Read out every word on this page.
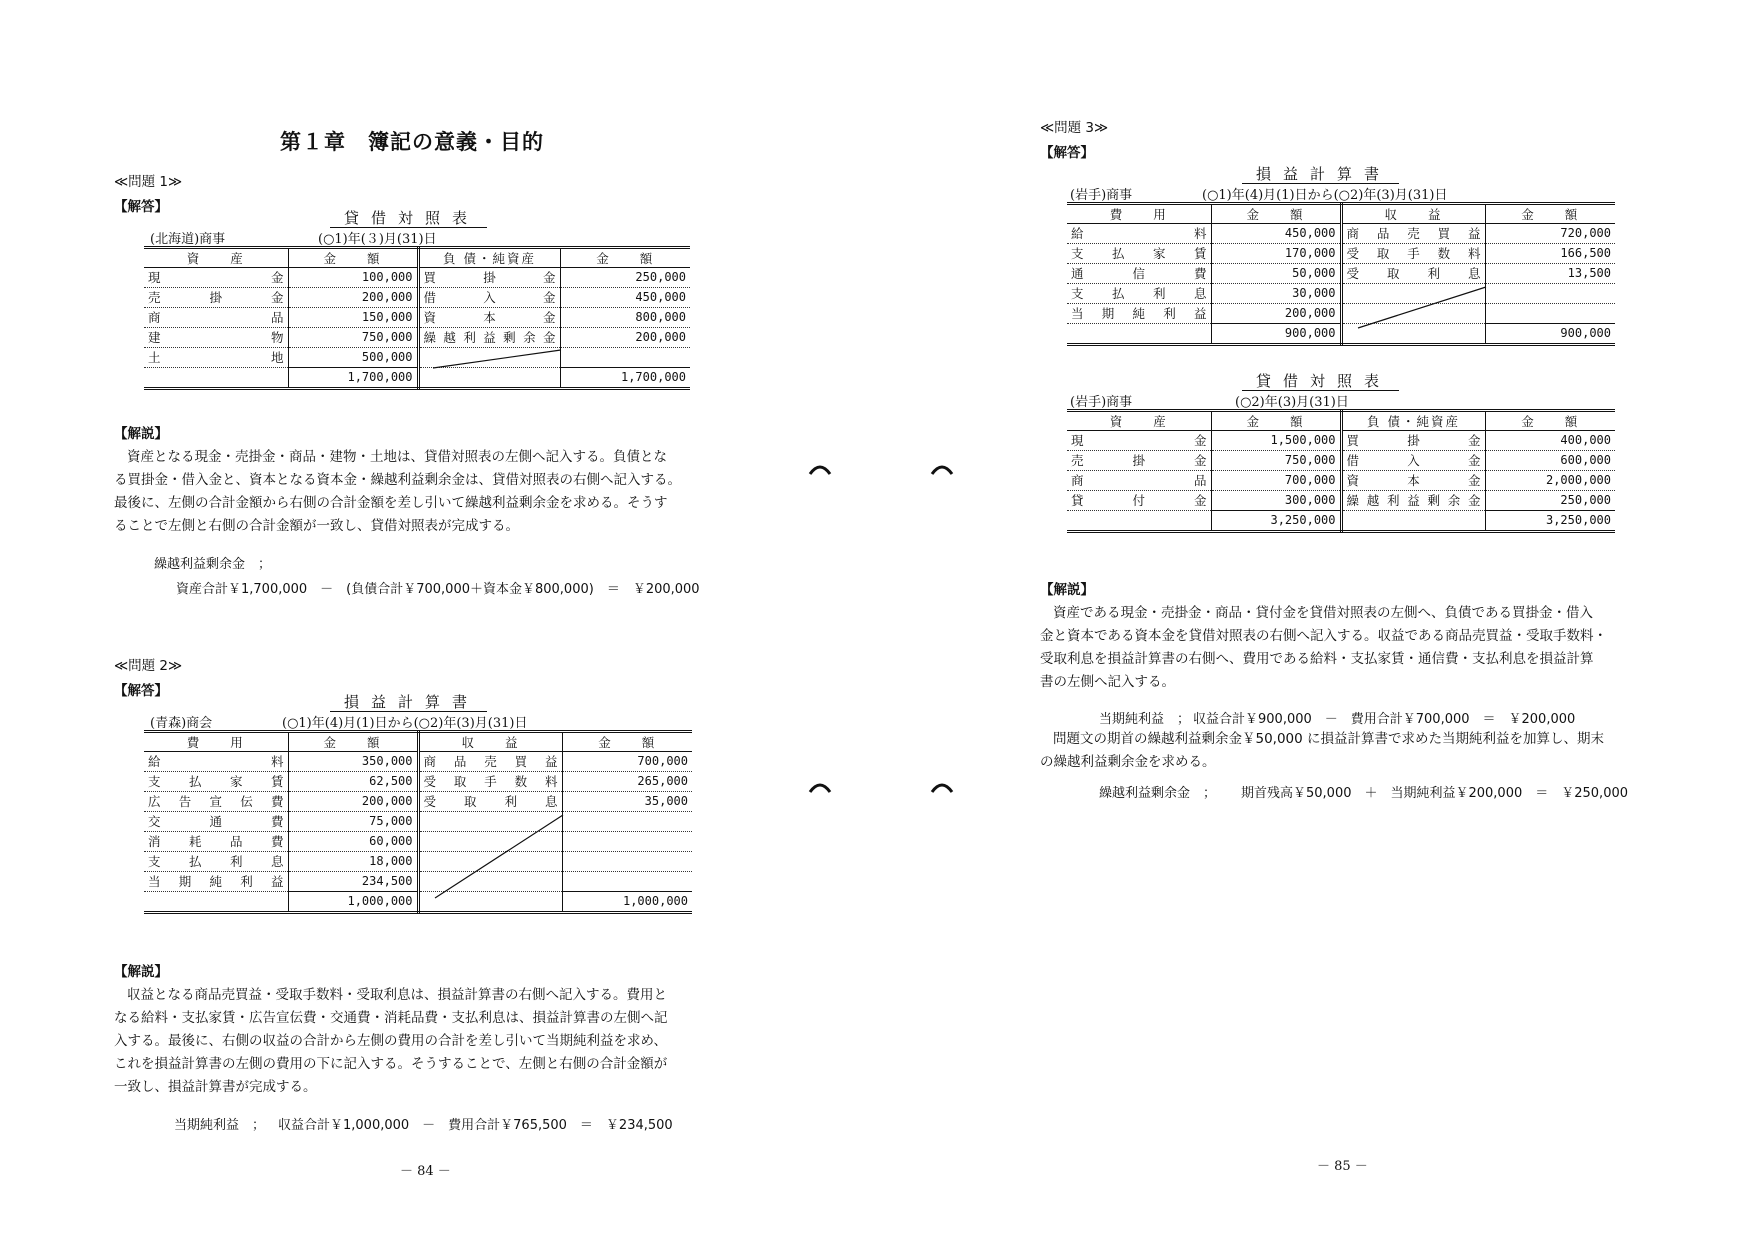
第１章　簿記の意義・目的
≪問題 1≫
【解答】
貸借対照表
(北海道)商事	(○1)年(３)月(31)日
資　　産	金　　額	負 債・純資産	金　　額
現金	100,000	買掛金	250,000
売掛金	200,000	借入金	450,000
商品	150,000	資本金	800,000
建物	750,000	繰越利益剰余金	200,000
土地	500,000		
	1,700,000		1,700,000
【解説】

資産となる現金・売掛金・商品・建物・土地は、貸借対照表の左側へ記入する。負債とな

る買掛金・借入金と、資本となる資本金・繰越利益剰余金は、貸借対照表の右側へ記入する。

最後に、左側の合計金額から右側の合計金額を差し引いて繰越利益剰余金を求める。そうす

ることで左側と右側の合計金額が一致し、貸借対照表が完成する。

繰越利益剰余金　；
資産合計￥1,700,000　－　(負債合計￥700,000＋資本金￥800,000)　＝　￥200,000
≪問題 2≫
【解答】
損益計算書
(青森)商会	(○1)年(4)月(1)日から(○2)年(3)月(31)日
費　　用	金　　額	収　　益	金　　額
給料	350,000	商品売買益	700,000
支払家賃	62,500	受取手数料	265,000
広告宣伝費	200,000	受取利息	35,000
交通費	75,000		
消耗品費	60,000		
支払利息	18,000		
当期純利益	234,500		
	1,000,000		1,000,000
【解説】

収益となる商品売買益・受取手数料・受取利息は、損益計算書の右側へ記入する。費用と

なる給料・支払家賃・広告宣伝費・交通費・消耗品費・支払利息は、損益計算書の左側へ記

入する。最後に、右側の収益の合計から左側の費用の合計を差し引いて当期純利益を求め、

これを損益計算書の左側の費用の下に記入する。そうすることで、左側と右側の合計金額が

一致し、損益計算書が完成する。

当期純利益　； 収益合計￥1,000,000　－　費用合計￥765,500　＝　￥234,500
－ 84 －
≪問題 3≫
【解答】
損益計算書
(岩手)商事	(○1)年(4)月(1)日から(○2)年(3)月(31)日
費　　用	金　　額	収　　益	金　　額
給料	450,000	商品売買益	720,000
支払家賃	170,000	受取手数料	166,500
通信費	50,000	受取利息	13,500
支払利息	30,000		
当期純利益	200,000		
	900,000		900,000
貸借対照表
(岩手)商事	(○2)年(3)月(31)日
資　　産	金　　額	負 債・純資産	金　　額
現金	1,500,000	買掛金	400,000
売掛金	750,000	借入金	600,000
商品	700,000	資本金	2,000,000
貸付金	300,000	繰越利益剰余金	250,000
	3,250,000		3,250,000
【解説】

資産である現金・売掛金・商品・貸付金を貸借対照表の左側へ、負債である買掛金・借入

金と資本である資本金を貸借対照表の右側へ記入する。収益である商品売買益・受取手数料・

受取利息を損益計算書の右側へ、費用である給料・支払家賃・通信費・支払利息を損益計算

書の左側へ記入する。

当期純利益　； 収益合計￥900,000　－　費用合計￥700,000　＝　￥200,000

問題文の期首の繰越利益剰余金￥50,000 に損益計算書で求めた当期純利益を加算し、期末

の繰越利益剰余金を求める。

繰越利益剰余金　； 期首残高￥50,000　＋　当期純利益￥200,000　＝　￥250,000
－ 85 －
